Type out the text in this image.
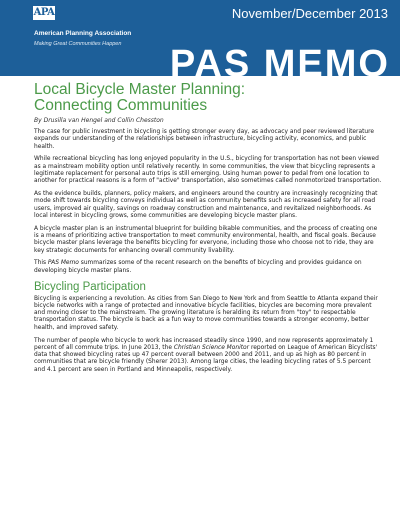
APA	November/December 2013
American Planning Association
Making Great Communities Happen PAS MEMO
Local Bicycle Master Planning:
Connecting Communities
By Drusilla van Hengel and Collin Chesston

The case for public investment in bicycling is getting stronger every day, as advocacy and peer reviewed literature expands our understanding of the relationships between infrastructure, bicycling activity, economics, and public health.

While recreational bicycling has long enjoyed popularity in the U.S., bicycling for transportation has not been viewed as a mainstream mobility option until relatively recently. In some communities, the view that bicycling represents a legitimate replacement for personal auto trips is still emerging. Using human power to pedal from one location to another for practical reasons is a form of "active" transportation, also sometimes called nonmotorized transportation.

As the evidence builds, planners, policy makers, and engineers around the country are increasingly recognizing that mode shift towards bicycling conveys individual as well as community benefits such as increased safety for all road users, improved air quality, savings on roadway construction and maintenance, and revitalized neighborhoods. As local interest in bicycling grows, some communities are developing bicycle master plans.

A bicycle master plan is an instrumental blueprint for building bikable communities, and the process of creating one is a means of prioritizing active transportation to meet community environmental, health, and fiscal goals. Because bicycle master plans leverage the benefits bicycling for everyone, including those who choose not to ride, they are key strategic documents for enhancing overall community livability.

This PAS Memo summarizes some of the recent research on the benefits of bicycling and provides guidance on developing bicycle master plans.

Bicycling Participation

Bicycling is experiencing a revolution. As cities from San Diego to New York and from Seattle to Atlanta expand their bicycle networks with a range of protected and innovative bicycle facilities, bicycles are becoming more prevalent and moving closer to the mainstream. The growing literature is heralding its return from "toy" to respectable transportation status. The bicycle is back as a fun way to move communities towards a stronger economy, better health, and improved safety.

The number of people who bicycle to work has increased steadily since 1990, and now represents approximately 1 percent of all commute trips. In June 2013, the Christian Science Monitor reported on League of American Bicyclists' data that showed bicycling rates up 47 percent overall between 2000 and 2011, and up as high as 80 percent in communities that are bicycle friendly (Sherer 2013). Among large cities, the leading bicycling rates of 5.5 percent and 4.1 percent are seen in Portland and Minneapolis, respectively.
